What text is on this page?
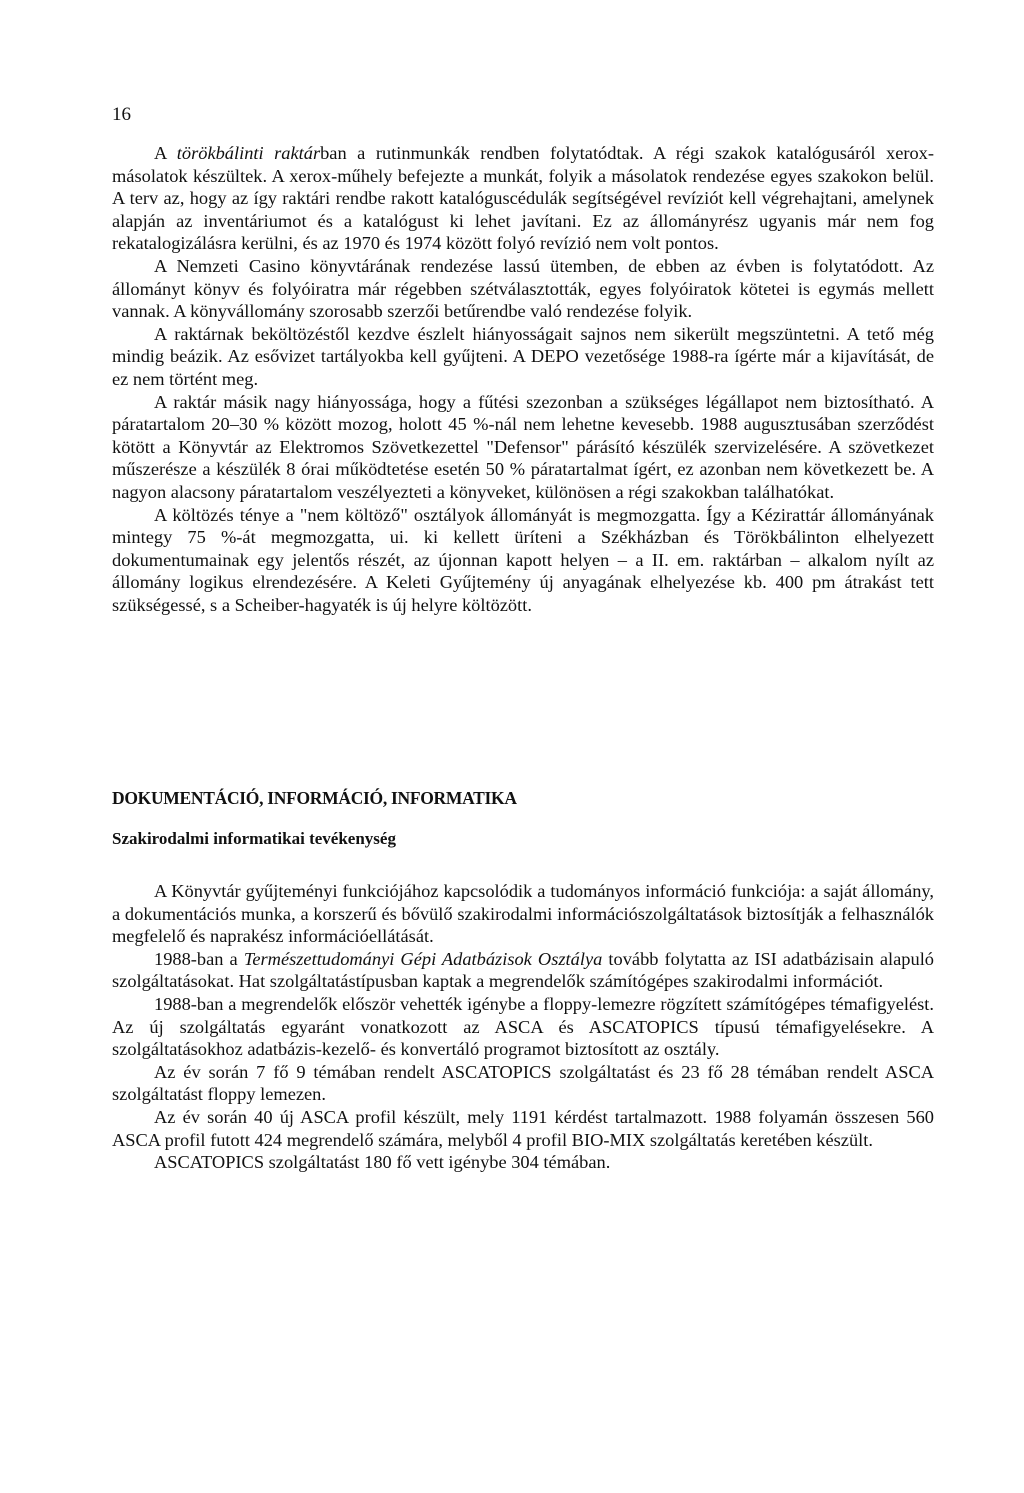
16

A törökbálinti raktárban a rutinmunkák rendben folytatódtak. A régi szakok katalógusáról xerox-másolatok készültek. A xerox-műhely befejezte a munkát, folyik a másolatok rendezése egyes szakokon belül. A terv az, hogy az így raktári rendbe rakott katalóguscédulák segítségével revíziót kell végrehajtani, amelynek alapján az inventáriumot és a katalógust ki lehet javítani. Ez az állományrész ugyanis már nem fog rekatalogizálásra kerülni, és az 1970 és 1974 között folyó revízió nem volt pontos.

A Nemzeti Casino könyvtárának rendezése lassú ütemben, de ebben az évben is folytatódott. Az állományt könyv és folyóiratra már régebben szétválasztották, egyes folyóiratok kötetei is egymás mellett vannak. A könyvállomány szorosabb szerzői betűrendbe való rendezése folyik.

A raktárnak beköltözéstől kezdve észlelt hiányosságait sajnos nem sikerült megszüntetni. A tető még mindig beázik. Az esővizet tartályokba kell gyűjteni. A DEPO vezetősége 1988-ra ígérte már a kijavítását, de ez nem történt meg.

A raktár másik nagy hiányossága, hogy a fűtési szezonban a szükséges légállapot nem biztosítható. A páratartalom 20–30 % között mozog, holott 45 %-nál nem lehetne kevesebb. 1988 augusztusában szerződést kötött a Könyvtár az Elektromos Szövetkezettel "Defensor" párásító készülék szervizelésére. A szövetkezet műszerésze a készülék 8 órai működtetése esetén 50 % páratartalmat ígért, ez azonban nem következett be. A nagyon alacsony páratartalom veszélyezteti a könyveket, különösen a régi szakokban találhatókat.

A költözés ténye a "nem költöző" osztályok állományát is megmozgatta. Így a Kézirattár állományának mintegy 75 %-át megmozgatta, ui. ki kellett üríteni a Székházban és Törökbálinton elhelyezett dokumentumainak egy jelentős részét, az újonnan kapott helyen – a II. em. raktárban – alkalom nyílt az állomány logikus elrendezésére. A Keleti Gyűjtemény új anyagának elhelyezése kb. 400 pm átrakást tett szükségessé, s a Scheiber-hagyaték is új helyre költözött.

DOKUMENTÁCIÓ, INFORMÁCIÓ, INFORMATIKA
Szakirodalmi informatikai tevékenység

A Könyvtár gyűjteményi funkciójához kapcsolódik a tudományos információ funkciója: a saját állomány, a dokumentációs munka, a korszerű és bővülő szakirodalmi információszolgáltatások biztosítják a felhasználók megfelelő és naprakész információellátását.

1988-ban a Természettudományi Gépi Adatbázisok Osztálya tovább folytatta az ISI adatbázisain alapuló szolgáltatásokat. Hat szolgáltatástípusban kaptak a megrendelők számítógépes szakirodalmi információt.

1988-ban a megrendelők először vehették igénybe a floppy-lemezre rögzített számítógépes témafigyelést. Az új szolgáltatás egyaránt vonatkozott az ASCA és ASCATOPICS típusú témafigyelésekre. A szolgáltatásokhoz adatbázis-kezelő- és konvertáló programot biztosított az osztály.

Az év során 7 fő 9 témában rendelt ASCATOPICS szolgáltatást és 23 fő 28 témában rendelt ASCA szolgáltatást floppy lemezen.

Az év során 40 új ASCA profil készült, mely 1191 kérdést tartalmazott. 1988 folyamán összesen 560 ASCA profil futott 424 megrendelő számára, melyből 4 profil BIO-MIX szolgáltatás keretében készült.

ASCATOPICS szolgáltatást 180 fő vett igénybe 304 témában.
